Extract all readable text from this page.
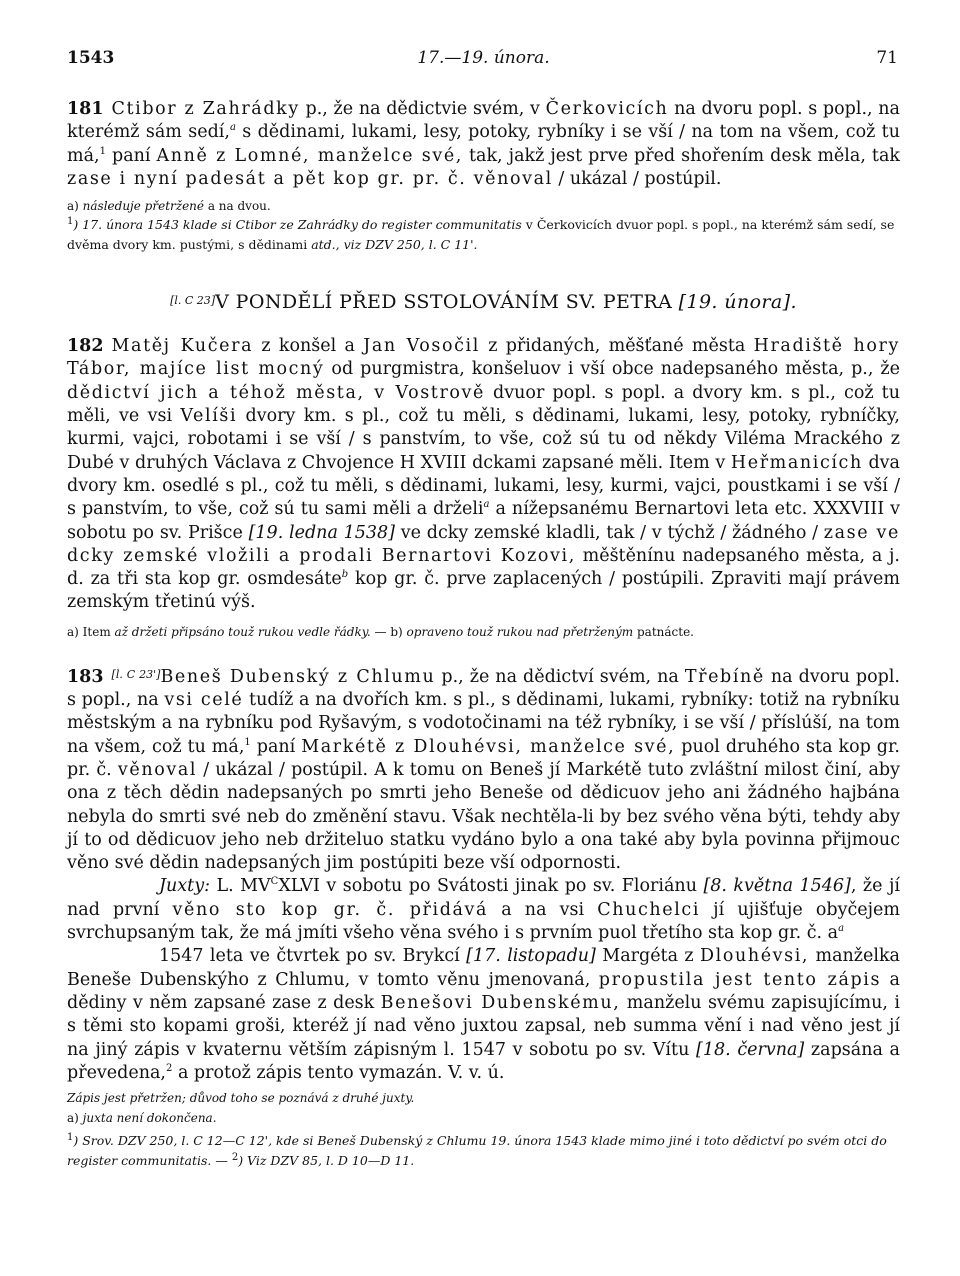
1543	17.—19. února.	71

181 Ctibor z Zahrádky p., že na dědictvie svém, v Čerkovicích na dvoru popl. s popl., na kterémž sám sedí,$^a$ s dědinami, lukami, lesy, potoky, rybníky i se vší / na tom na všem, což tu má,$^1$ paní Anně z Lomné, manželce své, tak, jakž jest prve před shořením desk měla, tak zase i nyní padesát a pět kop gr. pr. č. věnoval / ukázal / postúpil.

a) následuje přetržené a na dvou.
$^1$) 17. února 1543 klade si Ctibor ze Zahrádky do register communitatis v Čerkovicích dvuor popl. s popl., na kterémž sám sedí, se dvěma dvory km. pustými, s dědinami atd., viz DZV 250, l. C 11'.
[l. C 23]V PONDĚLÍ PŘED SSTOLOVÁNÍM SV. PETRA [19. února].

182 Matěj Kučera z konšel a Jan Vosočil z přidaných, měšťané města Hradiště hory Tábor, majíce list mocný od purgmistra, konšeluov i vší obce nadepsaného města, p., že dědictví jich a téhož města, v Vostrově dvuor popl. s popl. a dvory km. s pl., což tu měli, ve vsi Velíši dvory km. s pl., což tu měli, s dědinami, lukami, lesy, potoky, rybníčky, kurmi, vajci, robotami i se vší / s panstvím, to vše, což sú tu od někdy Viléma Mrackého z Dubé v druhých Václava z Chvojence H XVIII dckami zapsané měli. Item v Heřmanicích dva dvory km. osedlé s pl., což tu měli, s dědinami, lukami, lesy, kurmi, vajci, poustkami i se vší / s panstvím, to vše, což sú tu sami měli a drželi$^a$ a nížepsanému Bernartovi leta etc. XXXVIII v sobotu po sv. Prišce [19. ledna 1538] ve dcky zemské kladli, tak / v týchž / žádného / zase ve dcky zemské vložili a prodali Bernartovi Kozovi, měštěnínu nadepsaného města, a j. d. za tři sta kop gr. osmdesáte$^b$ kop gr. č. prve zaplacených / postúpili. Zpraviti mají právem zemským třetinú výš.

a) Item až držeti připsáno touž rukou vedle řádky. — b) opraveno touž rukou nad přetrženým patnácte.

183 [l. C 23']Beneš Dubenský z Chlumu p., že na dědictví svém, na Třebíně na dvoru popl. s popl., na vsi celé tudíž a na dvořích km. s pl., s dědinami, lukami, rybníky: totiž na rybníku městským a na rybníku pod Ryšavým, s vodotočinami na též rybníky, i se vší / příslúší, na tom na všem, což tu má,$^1$ paní Markétě z Dlouhévsi, manželce své, puol druhého sta kop gr. pr. č. věnoval / ukázal / postúpil. A k tomu on Beneš jí Markétě tuto zvláštní milost činí, aby ona z těch dědin nadepsaných po smrti jeho Beneše od dědicuov jeho ani žádného hajbána nebyla do smrti své neb do změnění stavu. Však nechtěla-li by bez svého věna býti, tehdy aby jí to od dědicuov jeho neb držiteluo statku vydáno bylo a ona také aby byla povinna přijmouc věno své dědin nadepsaných jim postúpiti beze vší odpornosti.

Juxty: L. $MV^CXLVI$ v sobotu po Svátosti jinak po sv. Floriánu [8. května 1546], že jí nad první věno sto kop gr. č. přidává a na vsi Chuchelci jí ujišťuje obyčejem svrchupsaným tak, že má jmíti všeho věna svého i s prvním puol třetího sta kop gr. č. $a^a$

1547 leta ve čtvrtek po sv. Brykcí [17. listopadu] Margéta z Dlouhévsi, manželka Beneše Dubenskýho z Chlumu, v tomto věnu jmenovaná, propustila jest tento zápis a dědiny v něm zapsané zase z desk Benešovi Dubenskému, manželu svému zapisujícímu, i s těmi sto kopami groši, kteréž jí nad věno juxtou zapsal, neb summa vění i nad věno jest jí na jiný zápis v kvaternu větším zápisným l. 1547 v sobotu po sv. Vítu [18. června] zapsána a převedena,$^2$ a protož zápis tento vymazán. V. v. ú.

Zápis jest přetržen; důvod toho se poznává z druhé juxty.
a) juxta není dokončena.
$^1$) Srov. DZV 250, l. C 12—C 12', kde si Beneš Dubenský z Chlumu 19. února 1543 klade mimo jiné i toto dědictví po svém otci do register communitatis. — $^2$) Viz DZV 85, l. D 10—D 11.
